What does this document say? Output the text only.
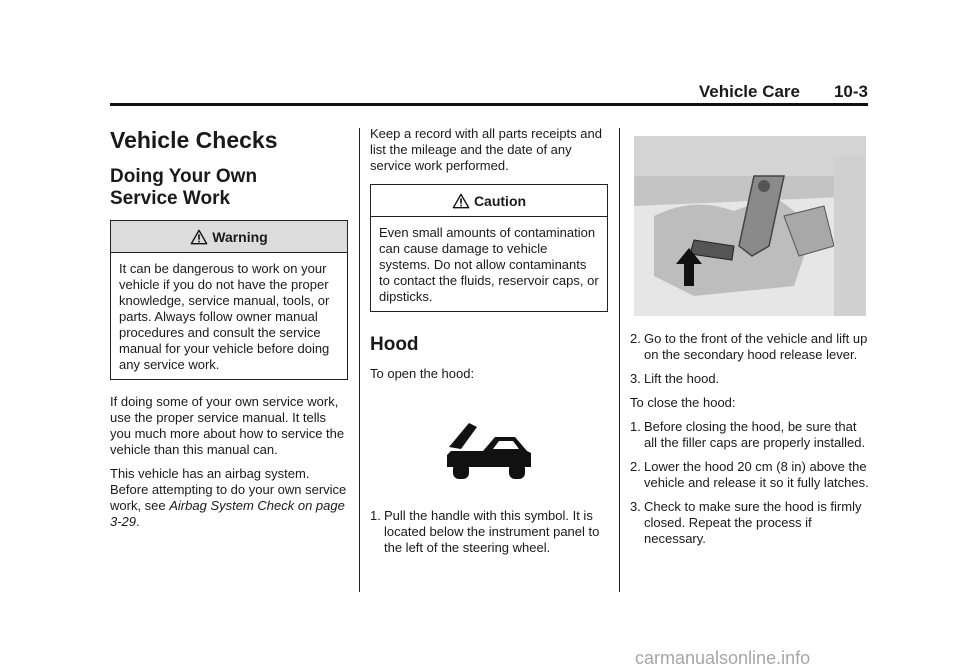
Vehicle Care 10-3
Vehicle Checks
Doing Your Own
Service Work
Warning

It can be dangerous to work on your vehicle if you do not have the proper knowledge, service manual, tools, or parts. Always follow owner manual procedures and consult the service manual for your vehicle before doing any service work.

If doing some of your own service work, use the proper service manual. It tells you much more about how to service the vehicle than this manual can.

This vehicle has an airbag system. Before attempting to do your own service work, see Airbag System Check on page 3-29.

Keep a record with all parts receipts and list the mileage and the date of any service work performed.

Caution

Even small amounts of contamination can cause damage to vehicle systems. Do not allow contaminants to contact the fluids, reservoir caps, or dipsticks.

Hood

To open the hood:

1. Pull the handle with this symbol. It is located below the instrument panel to the left of the steering wheel.
2. Go to the front of the vehicle and lift up on the secondary hood release lever.
3. Lift the hood.

To close the hood:

1. Before closing the hood, be sure that all the filler caps are properly installed.
2. Lower the hood 20 cm (8 in) above the vehicle and release it so it fully latches.
3. Check to make sure the hood is firmly closed. Repeat the process if necessary.
carmanualsonline.info
